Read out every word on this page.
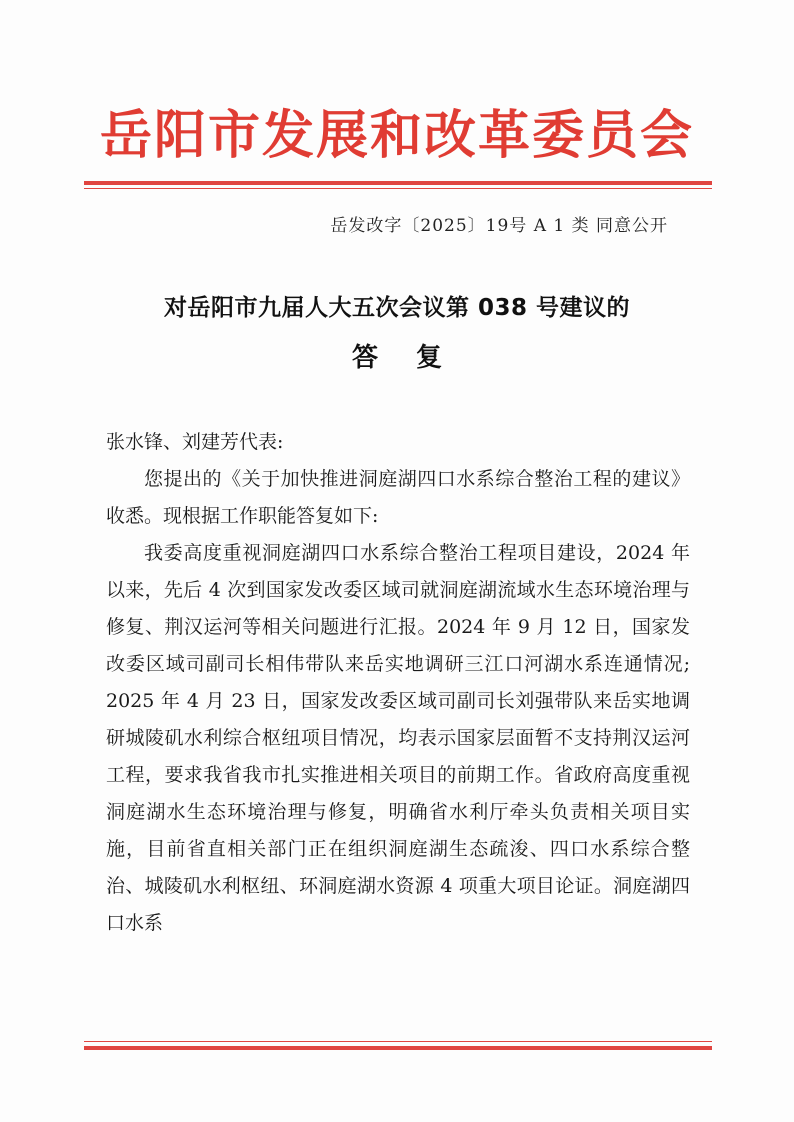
岳阳市发展和改革委员会
岳发改字〔2025〕19号 A 1 类 同意公开
对岳阳市九届人大五次会议第 038 号建议的
答复

张水锋、刘建芳代表:

您提出的《关于加快推进洞庭湖四口水系综合整治工程的建议》收悉。现根据工作职能答复如下:

我委高度重视洞庭湖四口水系综合整治工程项目建设，2024 年以来，先后 4 次到国家发改委区域司就洞庭湖流域水生态环境治理与修复、荆汉运河等相关问题进行汇报。2024 年 9 月 12 日，国家发改委区域司副司长相伟带队来岳实地调研三江口河湖水系连通情况; 2025 年 4 月 23 日，国家发改委区域司副司长刘强带队来岳实地调研城陵矶水利综合枢纽项目情况，均表示国家层面暂不支持荆汉运河工程，要求我省我市扎实推进相关项目的前期工作。省政府高度重视洞庭湖水生态环境治理与修复，明确省水利厅牵头负责相关项目实施，目前省直相关部门正在组织洞庭湖生态疏浚、四口水系综合整治、城陵矶水利枢纽、环洞庭湖水资源 4 项重大项目论证。洞庭湖四口水系
